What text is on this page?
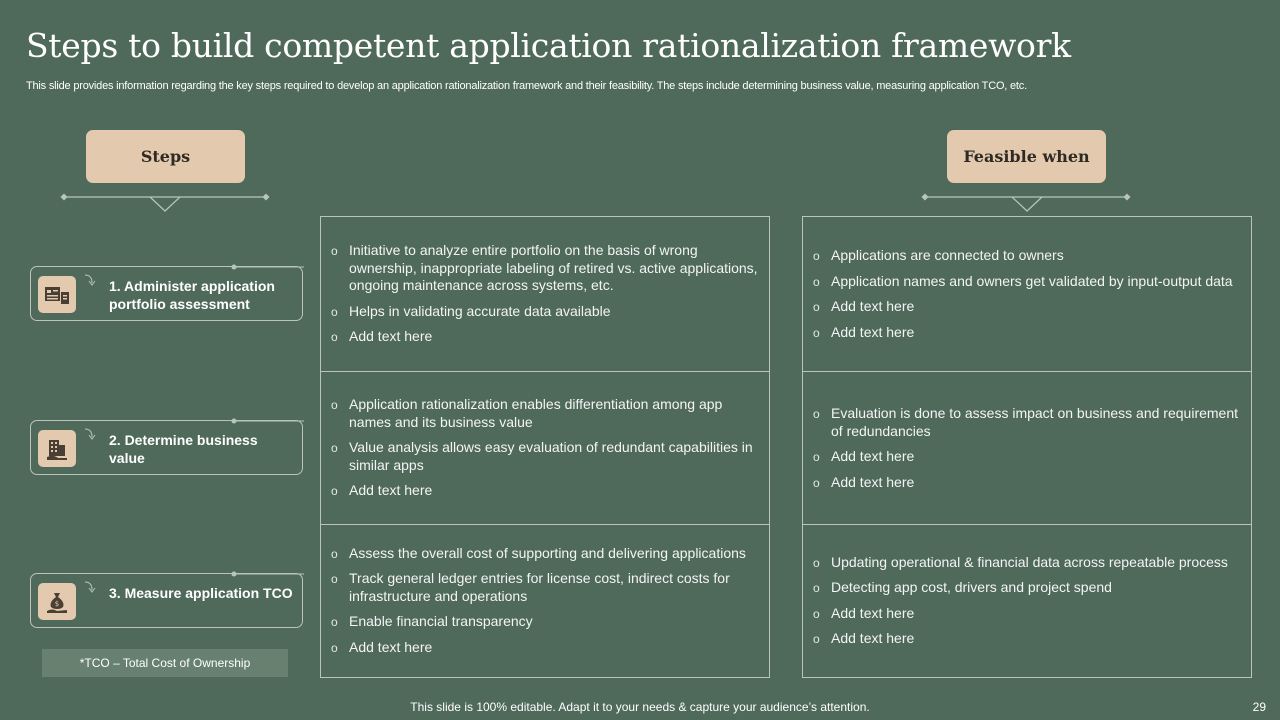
Steps to build competent application rationalization framework
This slide provides information regarding the key steps required to develop an application rationalization framework and their feasibility. The steps include determining business value, measuring application TCO, etc.
Steps	Feasible when
1. Administer application portfolio assessment
2. Determine business value
$
3. Measure application TCO
*TCO – Total Cost of Ownership
o Initiative to analyze entire portfolio on the basis of wrong ownership, inappropriate labeling of retired vs. active applications, ongoing maintenance across systems, etc.
o Helps in validating accurate data available
o Add text here
o Application rationalization enables differentiation among app names and its business value
o Value analysis allows easy evaluation of redundant capabilities in similar apps
o Add text here
o Assess the overall cost of supporting and delivering applications
o Track general ledger entries for license cost, indirect costs for infrastructure and operations
o Enable financial transparency
o Add text here
o Applications are connected to owners
o Application names and owners get validated by input-output data
o Add text here
o Add text here
o Evaluation is done to assess impact on business and requirement of redundancies
o Add text here
o Add text here
o Updating operational & financial data across repeatable process
o Detecting app cost, drivers and project spend
o Add text here
o Add text here
This slide is 100% editable. Adapt it to your needs & capture your audience’s attention.	29
